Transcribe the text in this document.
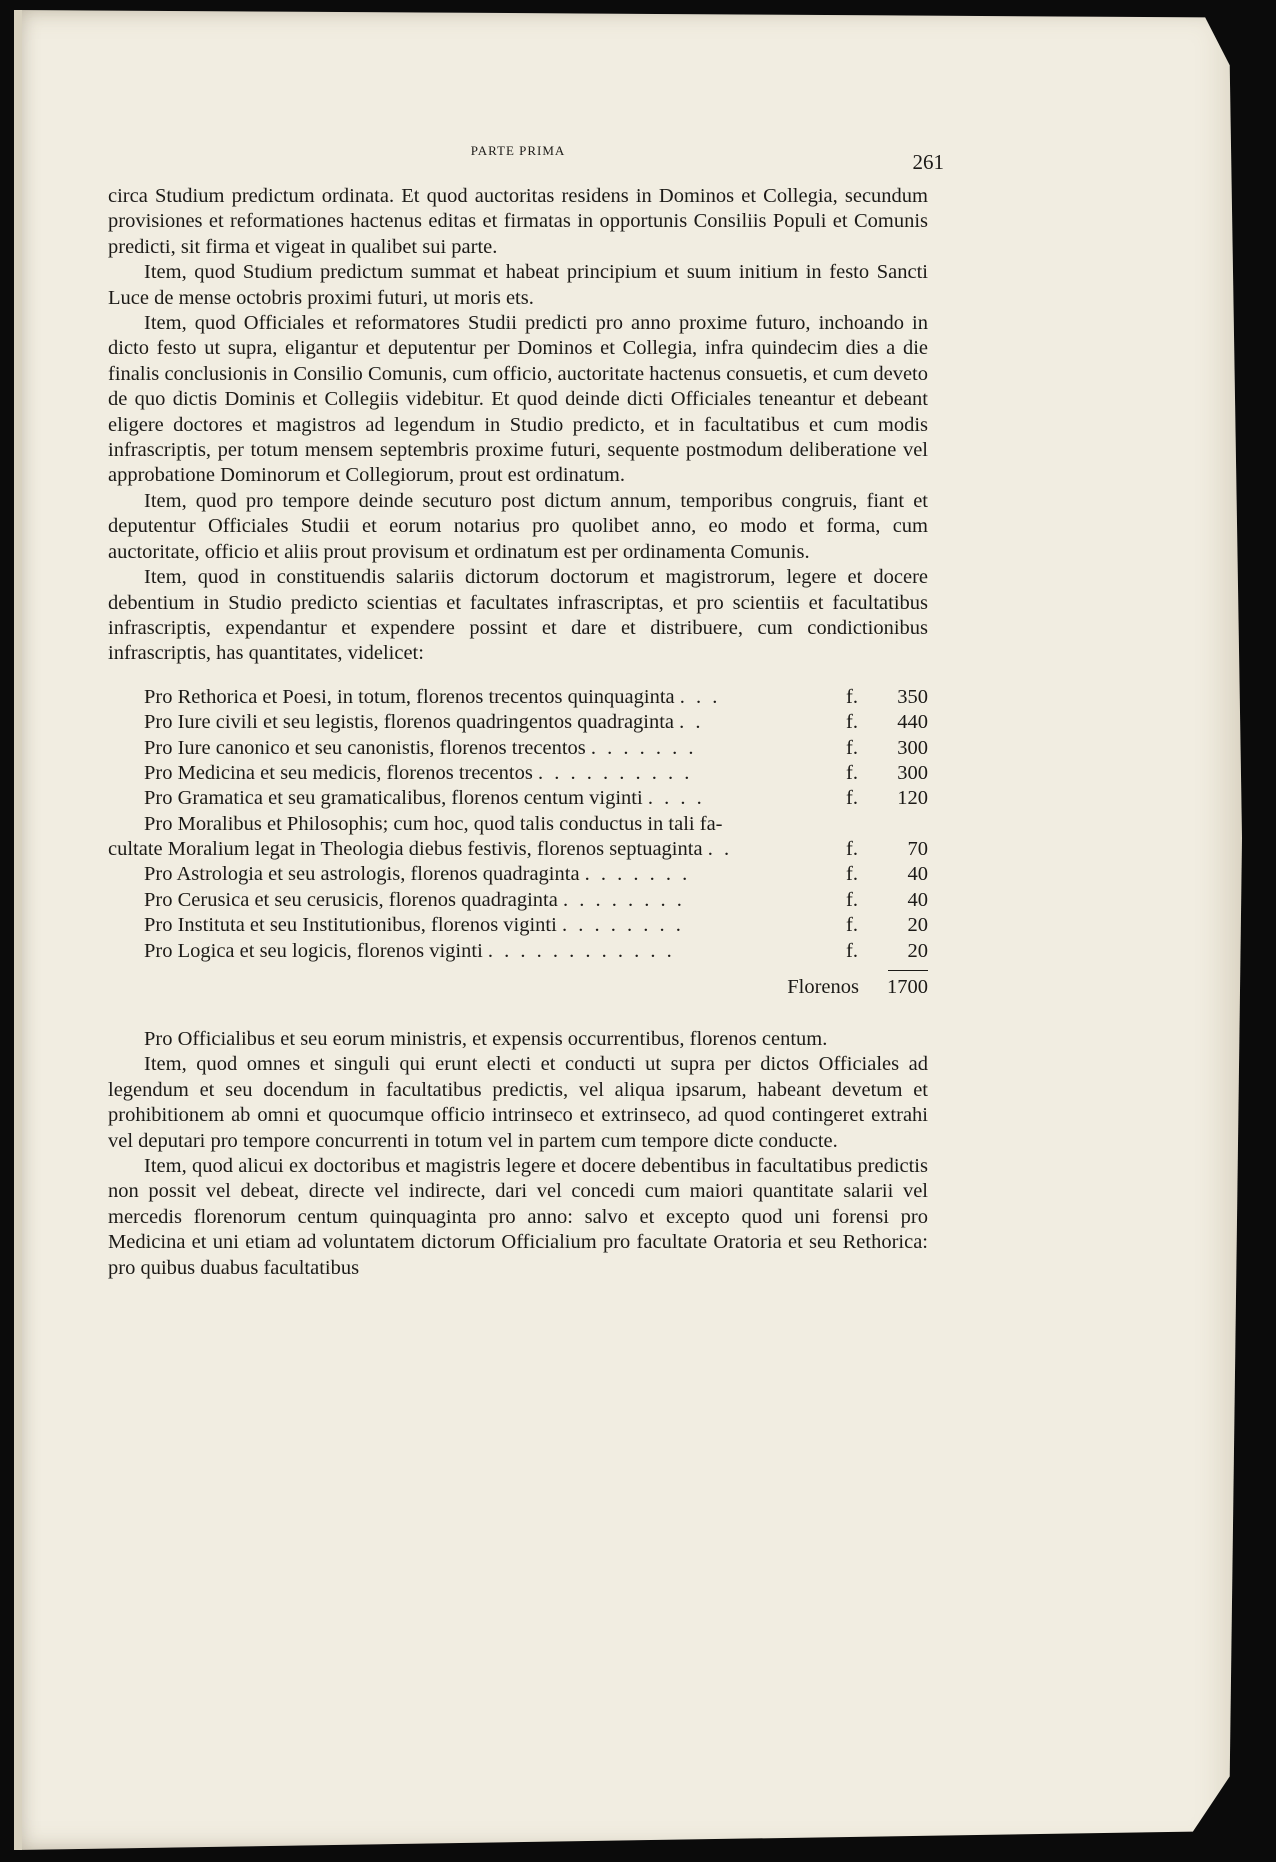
PARTE PRIMA	261

circa Studium predictum ordinata. Et quod auctoritas residens in Dominos et Collegia, secundum provisiones et reformationes hactenus editas et firmatas in opportunis Consiliis Populi et Comunis predicti, sit firma et vigeat in qualibet sui parte.

Item, quod Studium predictum summat et habeat principium et suum initium in festo Sancti Luce de mense octobris proximi futuri, ut moris ets.

Item, quod Officiales et reformatores Studii predicti pro anno proxime futuro, inchoando in dicto festo ut supra, eligantur et deputentur per Dominos et Collegia, infra quindecim dies a die finalis conclusionis in Consilio Comunis, cum officio, auctoritate hactenus consuetis, et cum deveto de quo dictis Dominis et Collegiis videbitur. Et quod deinde dicti Officiales teneantur et debeant eligere doctores et magistros ad legendum in Studio predicto, et in facultatibus et cum modis infrascriptis, per totum mensem septembris proxime futuri, sequente postmodum deliberatione vel approbatione Dominorum et Collegiorum, prout est ordinatum.

Item, quod pro tempore deinde secuturo post dictum annum, temporibus congruis, fiant et deputentur Officiales Studii et eorum notarius pro quolibet anno, eo modo et forma, cum auctoritate, officio et aliis prout provisum et ordinatum est per ordinamenta Comunis.

Item, quod in constituendis salariis dictorum doctorum et magistrorum, legere et docere debentium in Studio predicto scientias et facultates infrascriptas, et pro scientiis et facultatibus infrascriptis, expendantur et expendere possint et dare et distribuere, cum condictionibus infrascriptis, has quantitates, videlicet:

Pro Rethorica et Poesi, in totum, florenos trecentos quinquaginta . . .	f.	350
Pro Iure civili et seu legistis, florenos quadringentos quadraginta . .	f.	440
Pro Iure canonico et seu canonistis, florenos trecentos . . . . . . .	f.	300
Pro Medicina et seu medicis, florenos trecentos . . . . . . . . . .	f.	300
Pro Gramatica et seu gramaticalibus, florenos centum viginti . . . .	f.	120
Pro Moralibus et Philosophis; cum hoc, quod talis conductus in tali fa-
cultate Moralium legat in Theologia diebus festivis, florenos septuaginta . .	f.	70
Pro Astrologia et seu astrologis, florenos quadraginta . . . . . . .	f.	40
Pro Cerusica et seu cerusicis, florenos quadraginta . . . . . . . .	f.	40
Pro Instituta et seu Institutionibus, florenos viginti . . . . . . . .	f.	20
Pro Logica et seu logicis, florenos viginti . . . . . . . . . . . .	f.	20
Florenos 1700

Pro Officialibus et seu eorum ministris, et expensis occurrentibus, florenos centum.

Item, quod omnes et singuli qui erunt electi et conducti ut supra per dictos Officiales ad legendum et seu docendum in facultatibus predictis, vel aliqua ipsarum, habeant devetum et prohibitionem ab omni et quocumque officio intrinseco et extrinseco, ad quod contingeret extrahi vel deputari pro tempore concurrenti in totum vel in partem cum tempore dicte conducte.

Item, quod alicui ex doctoribus et magistris legere et docere debentibus in facultatibus predictis non possit vel debeat, directe vel indirecte, dari vel concedi cum maiori quantitate salarii vel mercedis florenorum centum quinquaginta pro anno: salvo et excepto quod uni forensi pro Medicina et uni etiam ad voluntatem dictorum Officialium pro facultate Oratoria et seu Rethorica: pro quibus duabus facultatibus
